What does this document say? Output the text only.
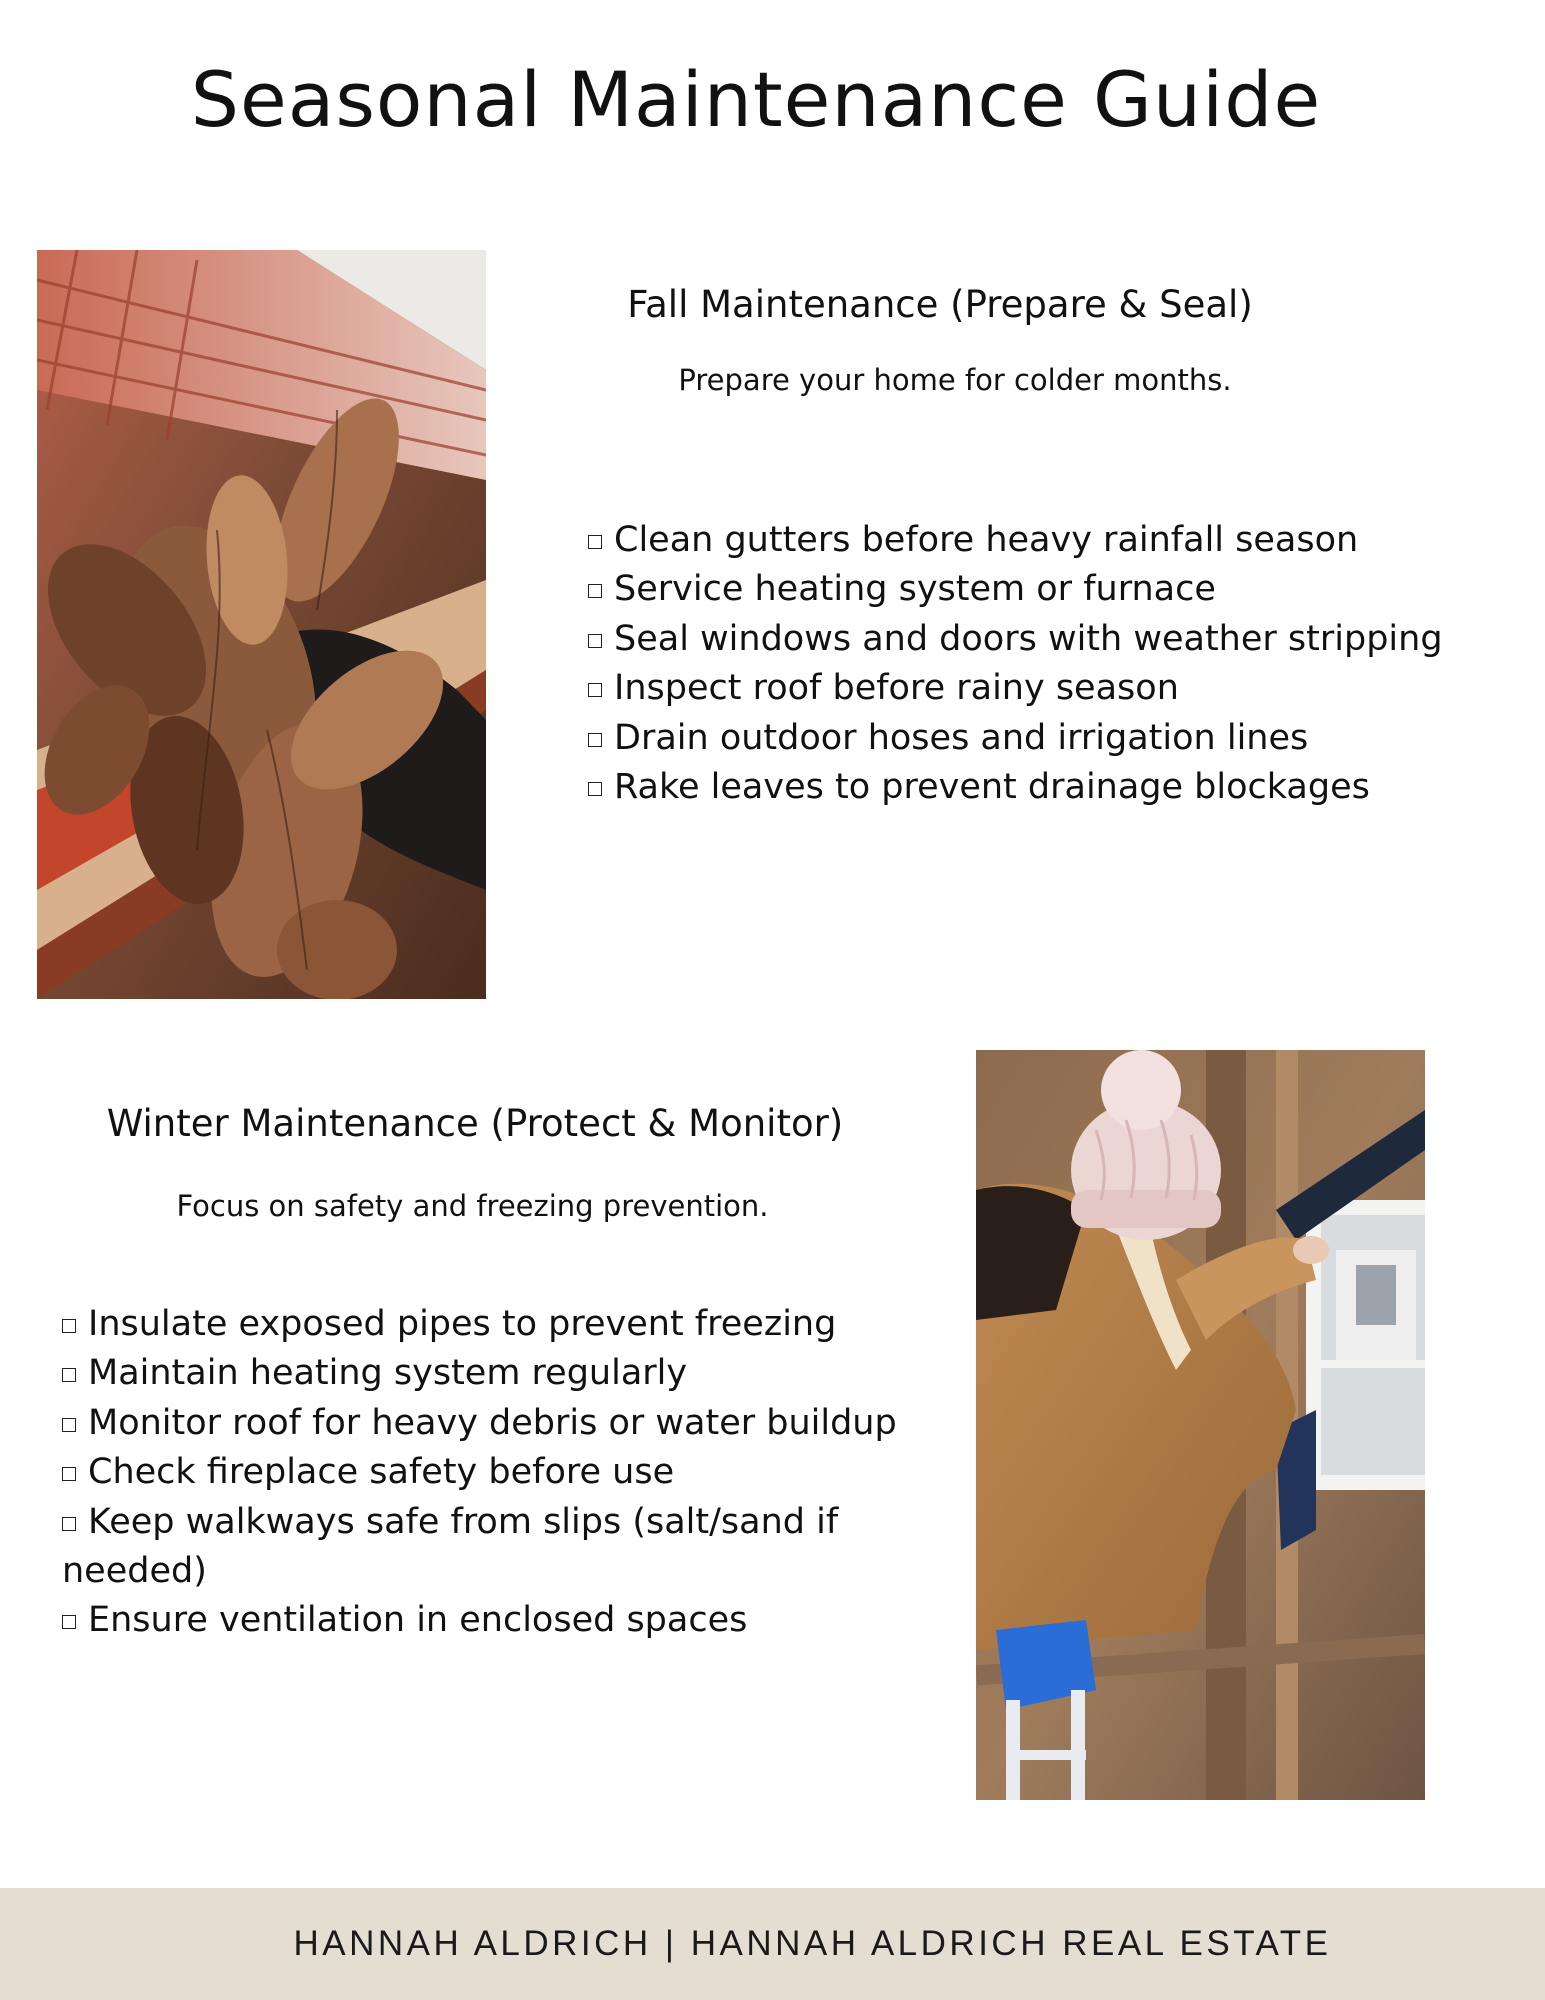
Seasonal Maintenance Guide
Fall Maintenance (Prepare & Seal)

Prepare your home for colder months.

Clean gutters before heavy rainfall season
Service heating system or furnace
Seal windows and doors with weather stripping
Inspect roof before rainy season
Drain outdoor hoses and irrigation lines
Rake leaves to prevent drainage blockages
Winter Maintenance (Protect & Monitor)

Focus on safety and freezing prevention.

Insulate exposed pipes to prevent freezing
Maintain heating system regularly
Monitor roof for heavy debris or water buildup
Check fireplace safety before use
Keep walkways safe from slips (salt/sand if needed)
Ensure ventilation in enclosed spaces
HANNAH ALDRICH | HANNAH ALDRICH REAL ESTATE
